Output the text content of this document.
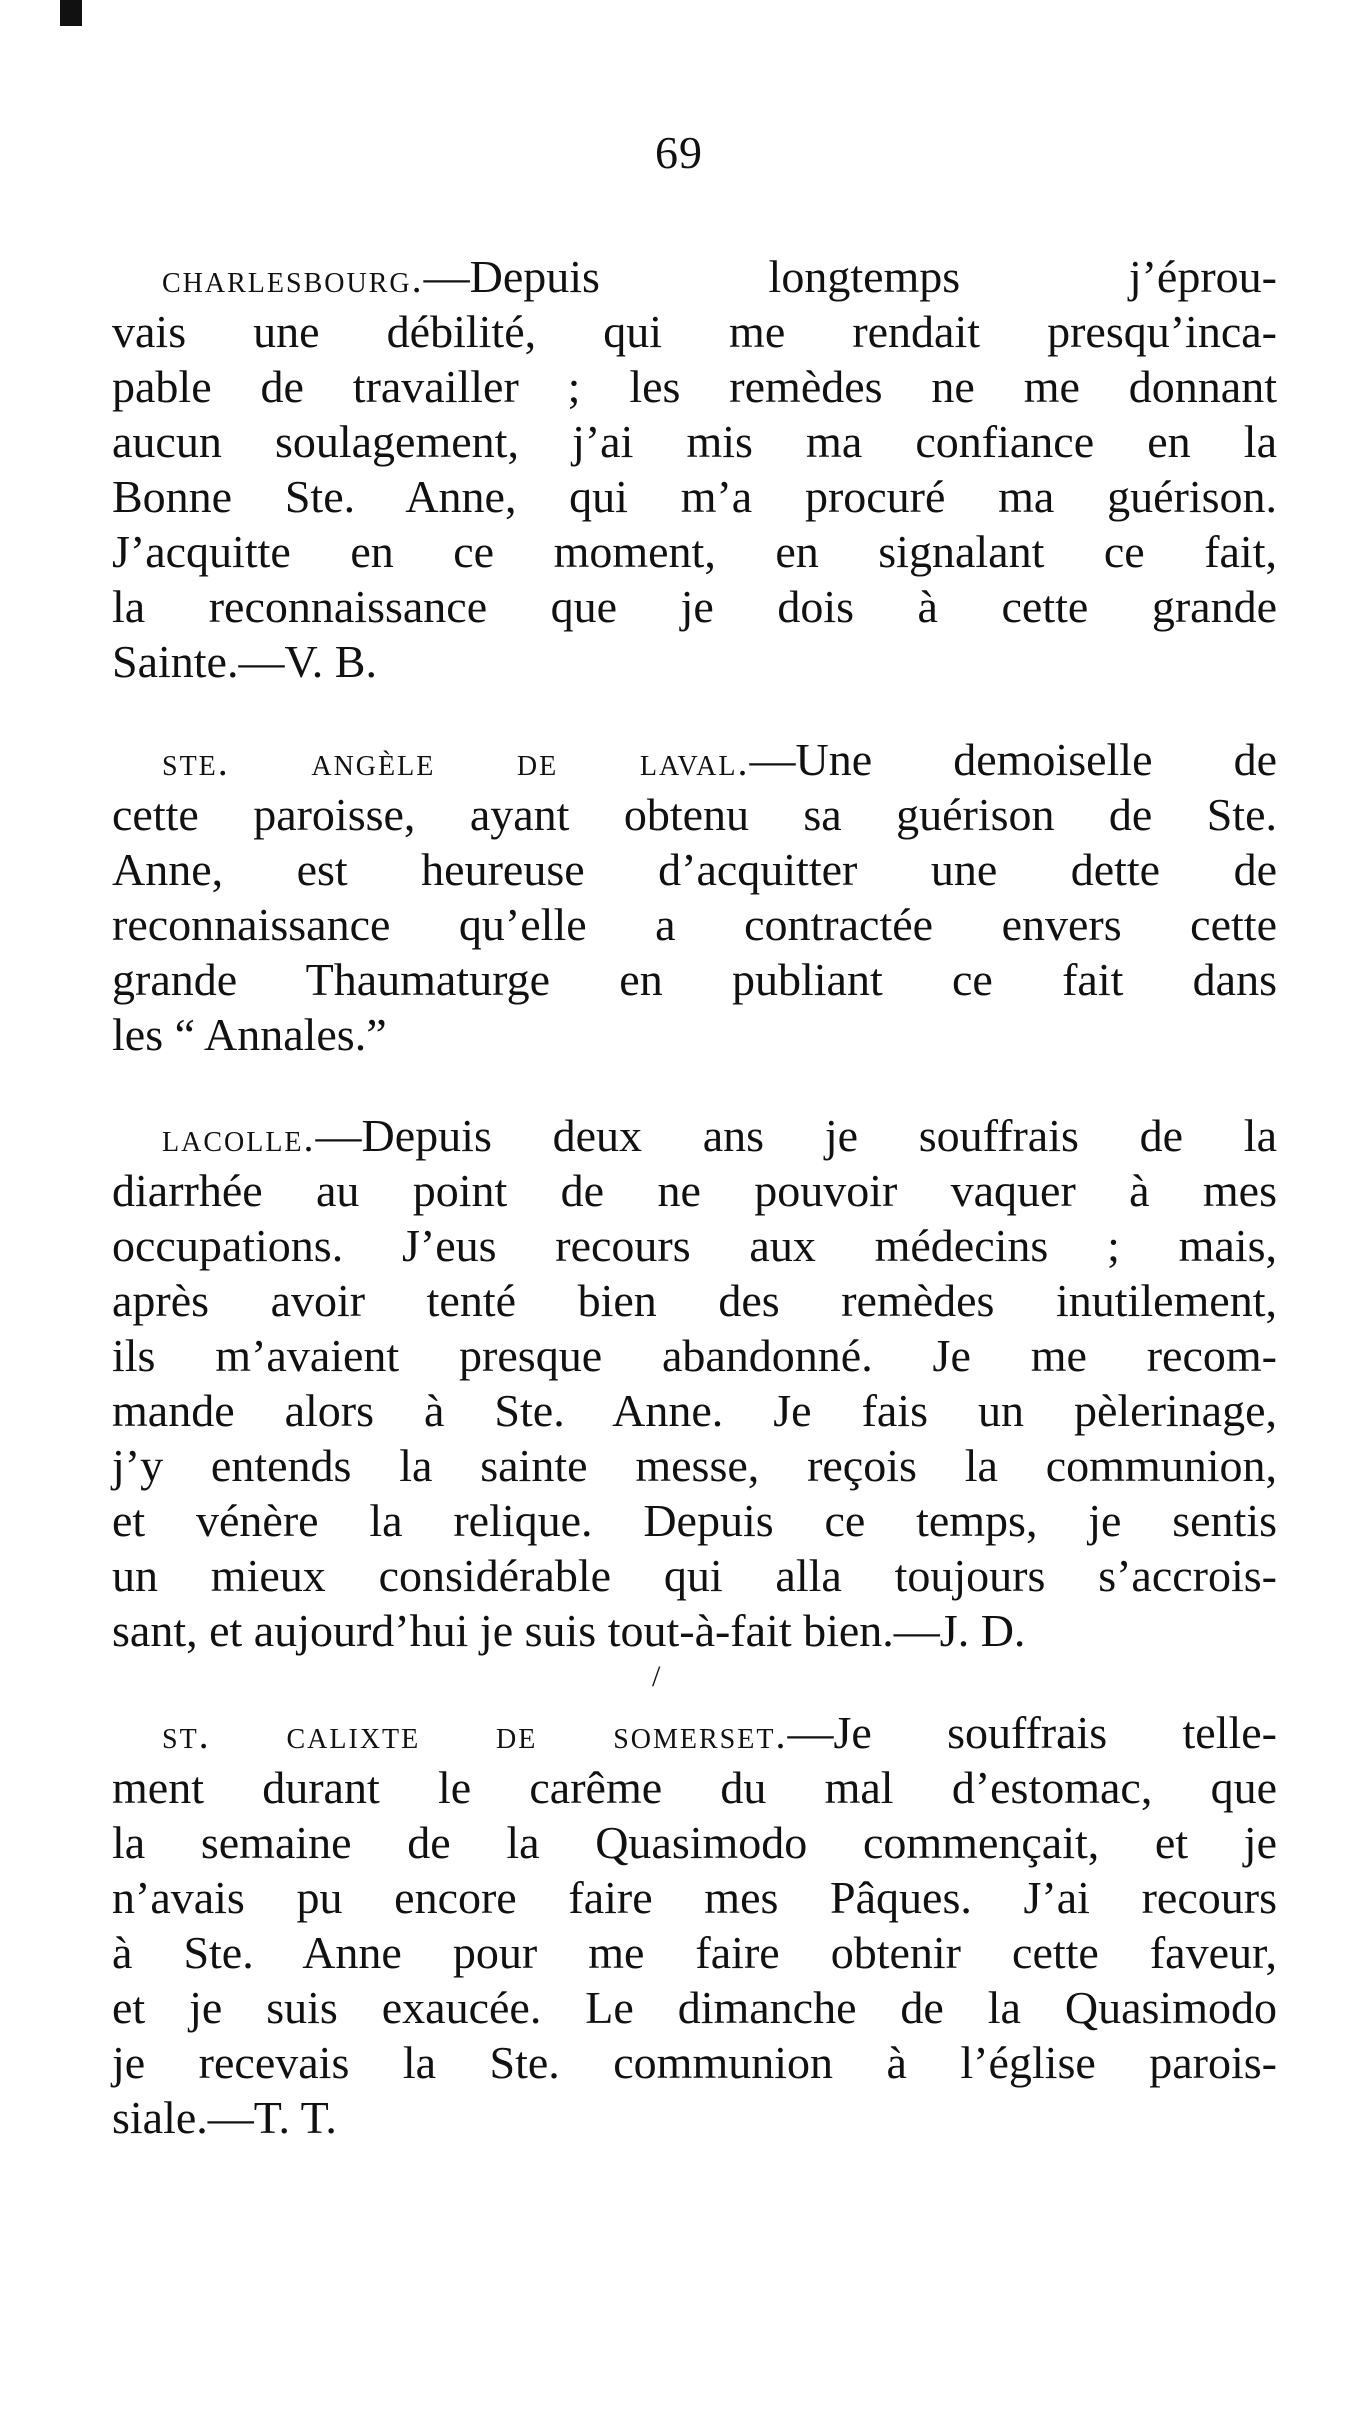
69
charlesbourg.—Depuis longtemps j’éprou-
vais une débilité, qui me rendait presqu’inca-
pable de travailler ; les remèdes ne me donnant
aucun soulagement, j’ai mis ma confiance en la
Bonne Ste. Anne, qui m’a procuré ma guérison.
J’acquitte en ce moment, en signalant ce fait,
la reconnaissance que je dois à cette grande
Sainte.—V. B.
ste. angèle de laval.—Une demoiselle de
cette paroisse, ayant obtenu sa guérison de Ste.
Anne, est heureuse d’acquitter une dette de
reconnaissance qu’elle a contractée envers cette
grande Thaumaturge en publiant ce fait dans
les “ Annales.”
lacolle.—Depuis deux ans je souffrais de la
diarrhée au point de ne pouvoir vaquer à mes
occupations. J’eus recours aux médecins ; mais,
après avoir tenté bien des remèdes inutilement,
ils m’avaient presque abandonné. Je me recom-
mande alors à Ste. Anne. Je fais un pèlerinage,
j’y entends la sainte messe, reçois la communion,
et vénère la relique. Depuis ce temps, je sentis
un mieux considérable qui alla toujours s’accrois-
sant, et aujourd’hui je suis tout-à-fait bien.—J. D.
/
st. calixte de somerset.—Je souffrais telle-
ment durant le carême du mal d’estomac, que
la semaine de la Quasimodo commençait, et je
n’avais pu encore faire mes Pâques. J’ai recours
à Ste. Anne pour me faire obtenir cette faveur,
et je suis exaucée. Le dimanche de la Quasimodo
je recevais la Ste. communion à l’église parois-
siale.—T. T.
